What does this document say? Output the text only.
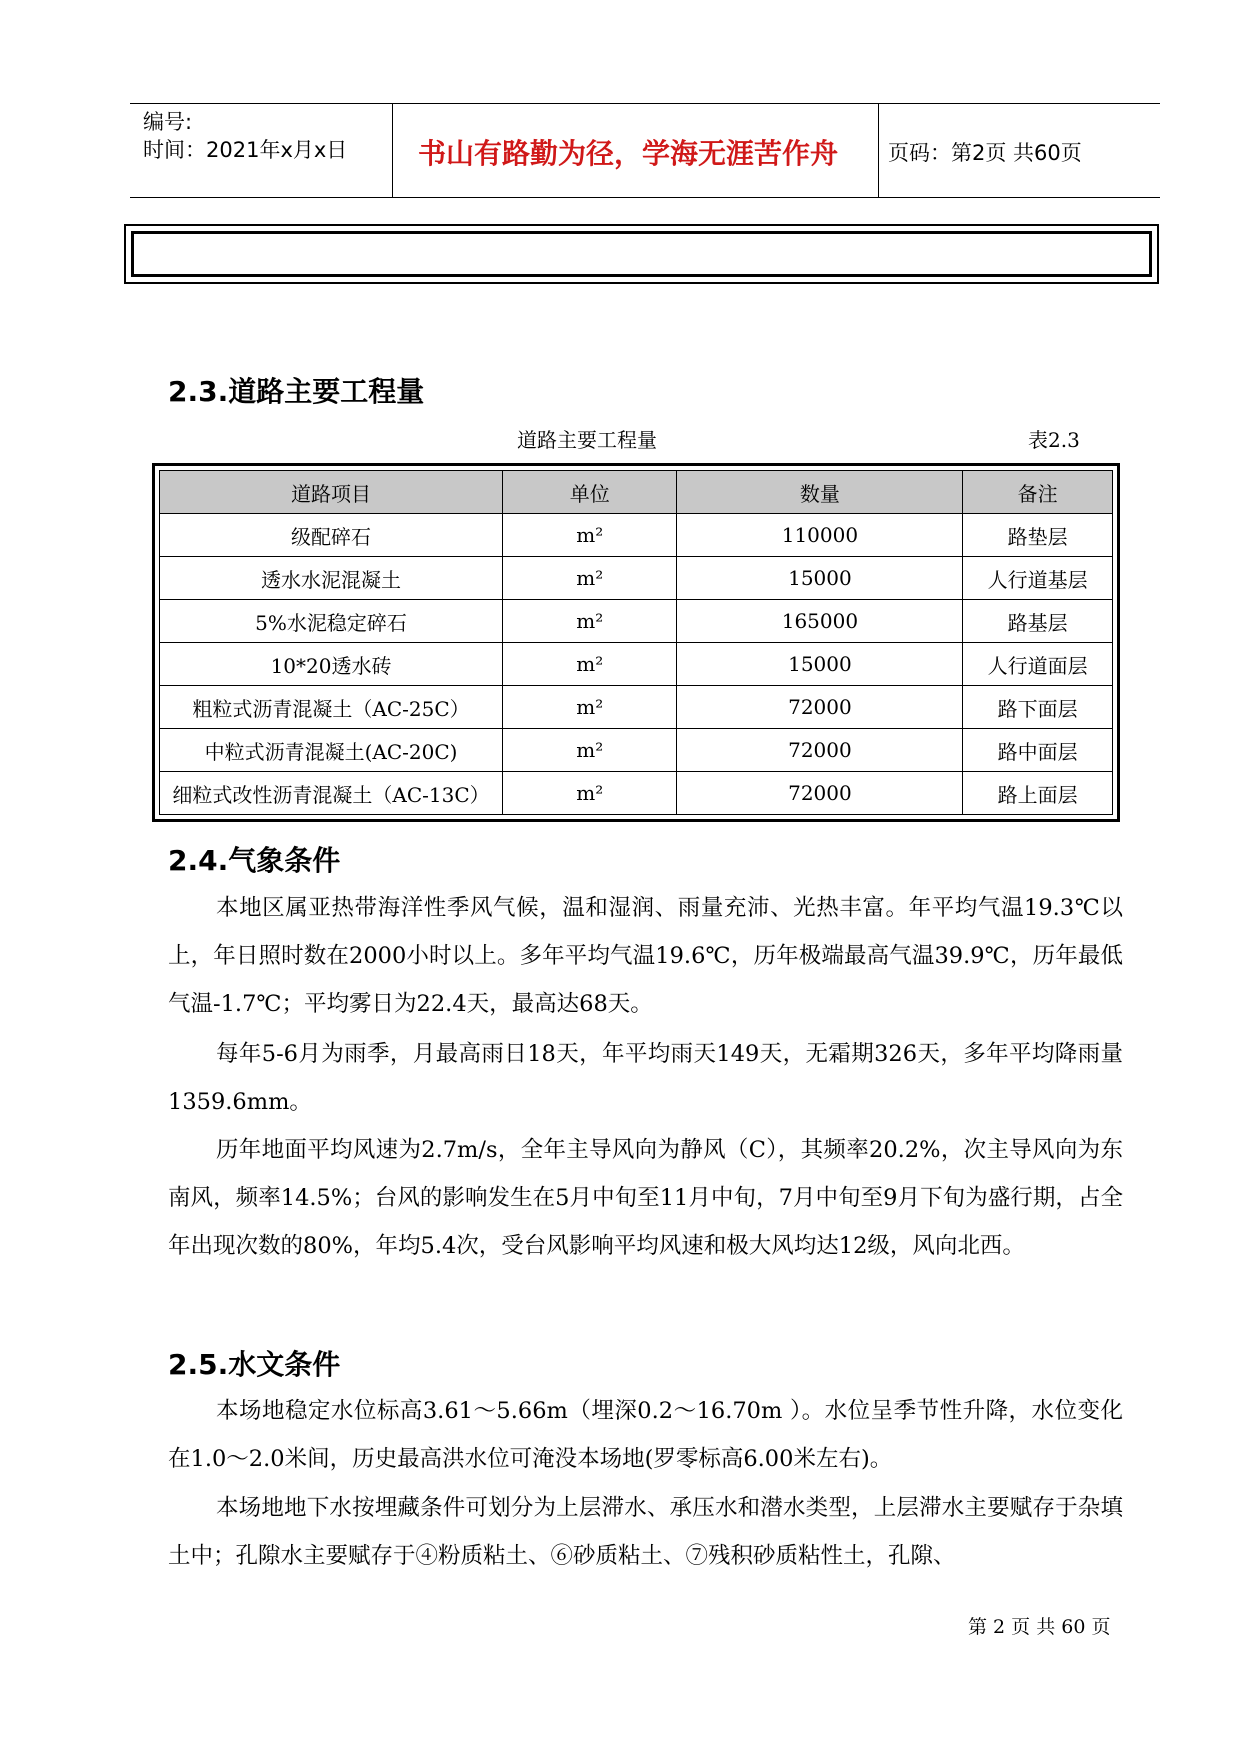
编号:
时间：2021年x月x日	书山有路勤为径，学海无涯苦作舟	页码：第2页 共60页
2.3.道路主要工程量
道路主要工程量	表2.3
道路项目	单位	数量	备注
级配碎石	m²	110000	路垫层
透水水泥混凝土	m²	15000	人行道基层
5%水泥稳定碎石	m²	165000	路基层
10*20透水砖	m²	15000	人行道面层
粗粒式沥青混凝土（AC-25C）	m²	72000	路下面层
中粒式沥青混凝土(AC-20C)	m²	72000	路中面层
细粒式改性沥青混凝土（AC-13C）	m²	72000	路上面层
2.4.气象条件

本地区属亚热带海洋性季风气候，温和湿润、雨量充沛、光热丰富。年平均气温19.3℃以上，年日照时数在2000小时以上。多年平均气温19.6℃，历年极端最高气温39.9℃，历年最低气温-1.7℃；平均雾日为22.4天，最高达68天。

每年5-6月为雨季，月最高雨日18天，年平均雨天149天，无霜期326天，多年平均降雨量1359.6mm。

历年地面平均风速为2.7m/s，全年主导风向为静风（C），其频率20.2%，次主导风向为东南风，频率14.5%；台风的影响发生在5月中旬至11月中旬，7月中旬至9月下旬为盛行期，占全年出现次数的80%，年均5.4次，受台风影响平均风速和极大风均达12级，风向北西。

2.5.水文条件

本场地稳定水位标高3.61～5.66m（埋深0.2～16.70m ）。水位呈季节性升降，水位变化在1.0～2.0米间，历史最高洪水位可淹没本场地(罗零标高6.00米左右)。

本场地地下水按埋藏条件可划分为上层滞水、承压水和潜水类型，上层滞水主要赋存于杂填土中；孔隙水主要赋存于④粉质粘土、⑥砂质粘土、⑦残积砂质粘性土，孔隙、

第 2 页 共 60 页
